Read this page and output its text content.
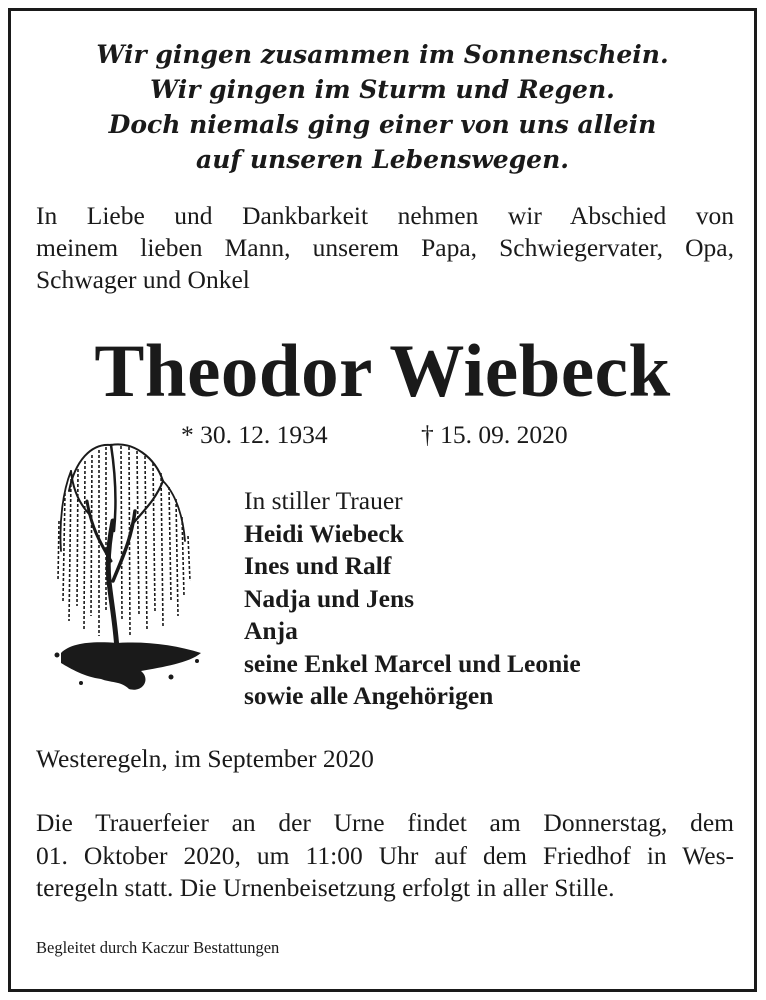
Wir gingen zusammen im Sonnenschein.
Wir gingen im Sturm und Regen.
Doch niemals ging einer von uns allein
auf unseren Lebenswegen.
In Liebe und Dankbarkeit nehmen wir Abschied von
meinem lieben Mann, unserem Papa, Schwiegervater, Opa,
Schwager und Onkel
Theodor Wiebeck
* 30. 12. 1934	† 15. 09. 2020
In stiller Trauer
Heidi Wiebeck
Ines und Ralf
Nadja und Jens
Anja
seine Enkel Marcel und Leonie
sowie alle Angehörigen
Westeregeln, im September 2020
Die Trauerfeier an der Urne findet am Donnerstag, dem
01. Oktober 2020, um 11:00 Uhr auf dem Friedhof in Wes-
teregeln statt. Die Urnenbeisetzung erfolgt in aller Stille.
Begleitet durch Kaczur Bestattungen
